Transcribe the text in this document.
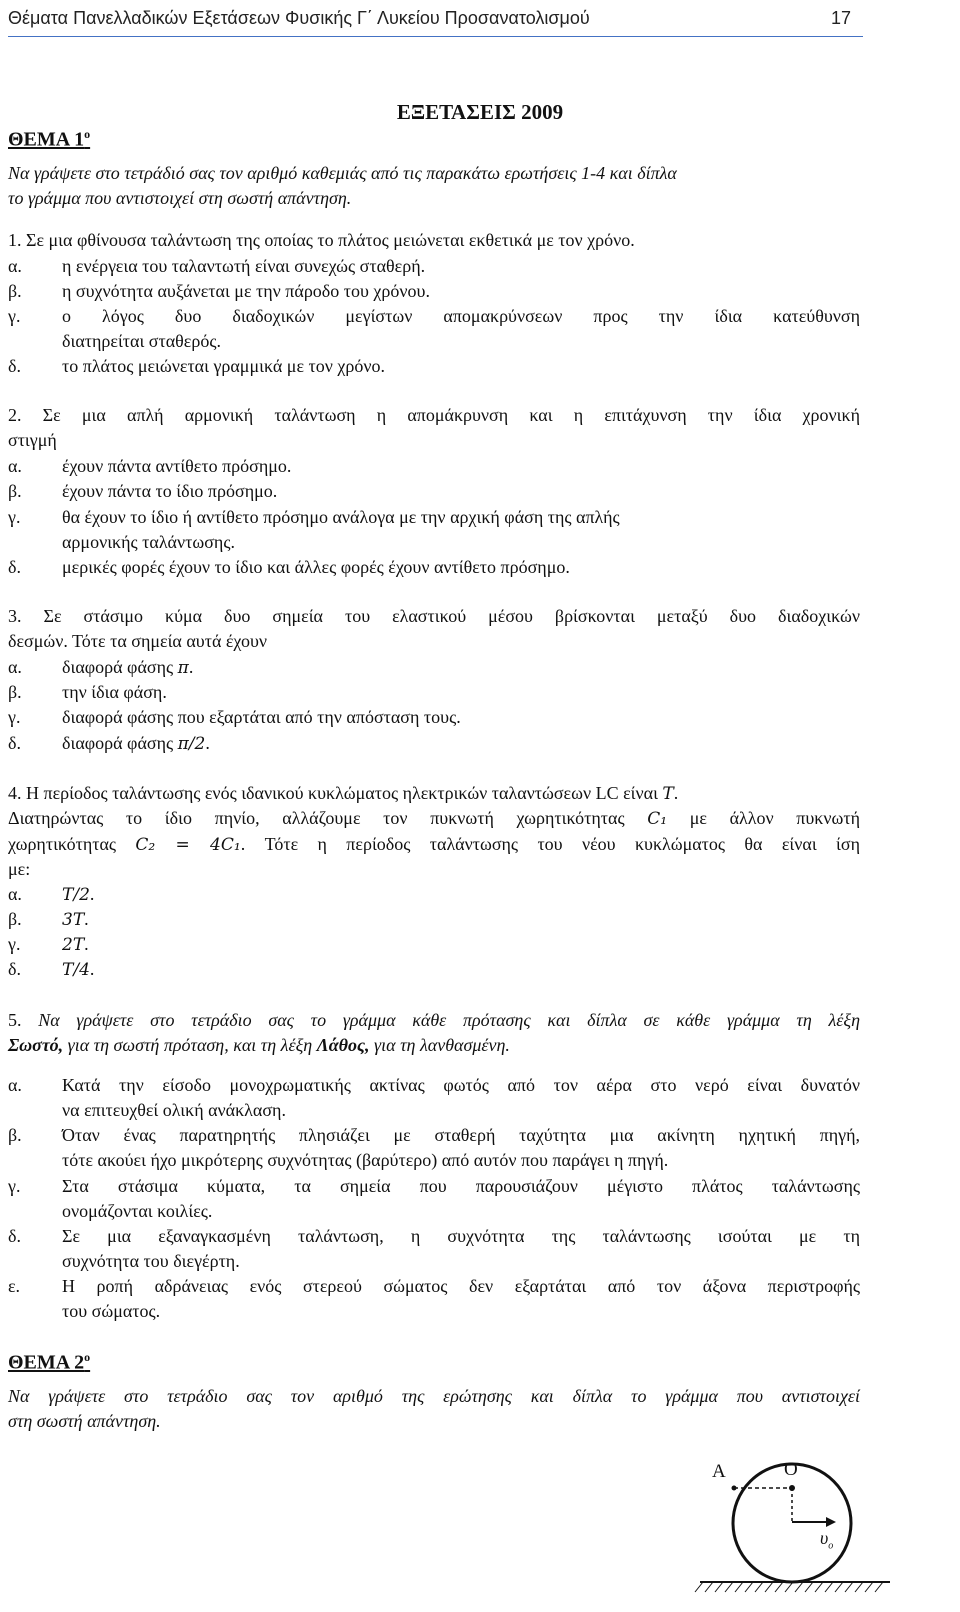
Θέματα Πανελλαδικών Εξετάσεων Φυσικής Γ΄ Λυκείου Προσανατολισμού	17
ΕΞΕΤΑΣΕΙΣ 2009
ΘΕΜΑ $1^o$
Να γράψετε στο τετράδιό σας τον αριθμό καθεμιάς από τις παρακάτω ερωτήσεις 1-4 και δίπλα
το γράμμα που αντιστοιχεί στη σωστή απάντηση.
1. Σε μια φθίνουσα ταλάντωση της οποίας το πλάτος μειώνεται εκθετικά με τον χρόνο.
α. η ενέργεια του ταλαντωτή είναι συνεχώς σταθερή.
β. η συχνότητα αυξάνεται με την πάροδο του χρόνου.
γ. ο λόγος δυο διαδοχικών μεγίστων απομακρύνσεων προς την ίδια κατεύθυνση
διατηρείται σταθερός.
δ. το πλάτος μειώνεται γραμμικά με τον χρόνο.
2. Σε μια απλή αρμονική ταλάντωση η απομάκρυνση και η επιτάχυνση την ίδια χρονική
στιγμή
α. έχουν πάντα αντίθετο πρόσημο.
β. έχουν πάντα το ίδιο πρόσημο.
γ. θα έχουν το ίδιο ή αντίθετο πρόσημο ανάλογα με την αρχική φάση της απλής
αρμονικής ταλάντωσης.
δ. μερικές φορές έχουν το ίδιο και άλλες φορές έχουν αντίθετο πρόσημο.
3. Σε στάσιμο κύμα δυο σημεία του ελαστικού μέσου βρίσκονται μεταξύ δυο διαδοχικών
δεσμών. Τότε τα σημεία αυτά έχουν
α. διαφορά φάσης π.
β. την ίδια φάση.
γ. διαφορά φάσης που εξαρτάται από την απόσταση τους.
δ. διαφορά φάσης π/2.
4. Η περίοδος ταλάντωσης ενός ιδανικού κυκλώματος ηλεκτρικών ταλαντώσεων LC είναι T.
Διατηρώντας το ίδιο πηνίο, αλλάζουμε τον πυκνωτή χωρητικότητας C₁ με άλλον πυκνωτή
χωρητικότητας C₂ = 4C₁. Τότε η περίοδος ταλάντωσης του νέου κυκλώματος θα είναι ίση
με:
α. T/2.
β. 3T.
γ. 2T.
δ. T/4.
5. Να γράψετε στο τετράδιο σας το γράμμα κάθε πρότασης και δίπλα σε κάθε γράμμα τη λέξη
Σωστό, για τη σωστή πρόταση, και τη λέξη Λάθος, για τη λανθασμένη.
α. Κατά την είσοδο μονοχρωματικής ακτίνας φωτός από τον αέρα στο νερό είναι δυνατόν
να επιτευχθεί ολική ανάκλαση.
β. Όταν ένας παρατηρητής πλησιάζει με σταθερή ταχύτητα μια ακίνητη ηχητική πηγή,
τότε ακούει ήχο μικρότερης συχνότητας (βαρύτερο) από αυτόν που παράγει η πηγή.
γ. Στα στάσιμα κύματα, τα σημεία που παρουσιάζουν μέγιστο πλάτος ταλάντωσης
ονομάζονται κοιλίες.
δ. Σε μια εξαναγκασμένη ταλάντωση, η συχνότητα της ταλάντωσης ισούται με τη
συχνότητα του διεγέρτη.
ε. Η ροπή αδράνειας ενός στερεού σώματος δεν εξαρτάται από τον άξονα περιστροφής
του σώματος.
ΘΕΜΑ $2^o$
Να γράψετε στο τετράδιο σας τον αριθμό της ερώτησης και δίπλα το γράμμα που αντιστοιχεί
στη σωστή απάντηση.
Α	Ο
$\upsilon_o$
